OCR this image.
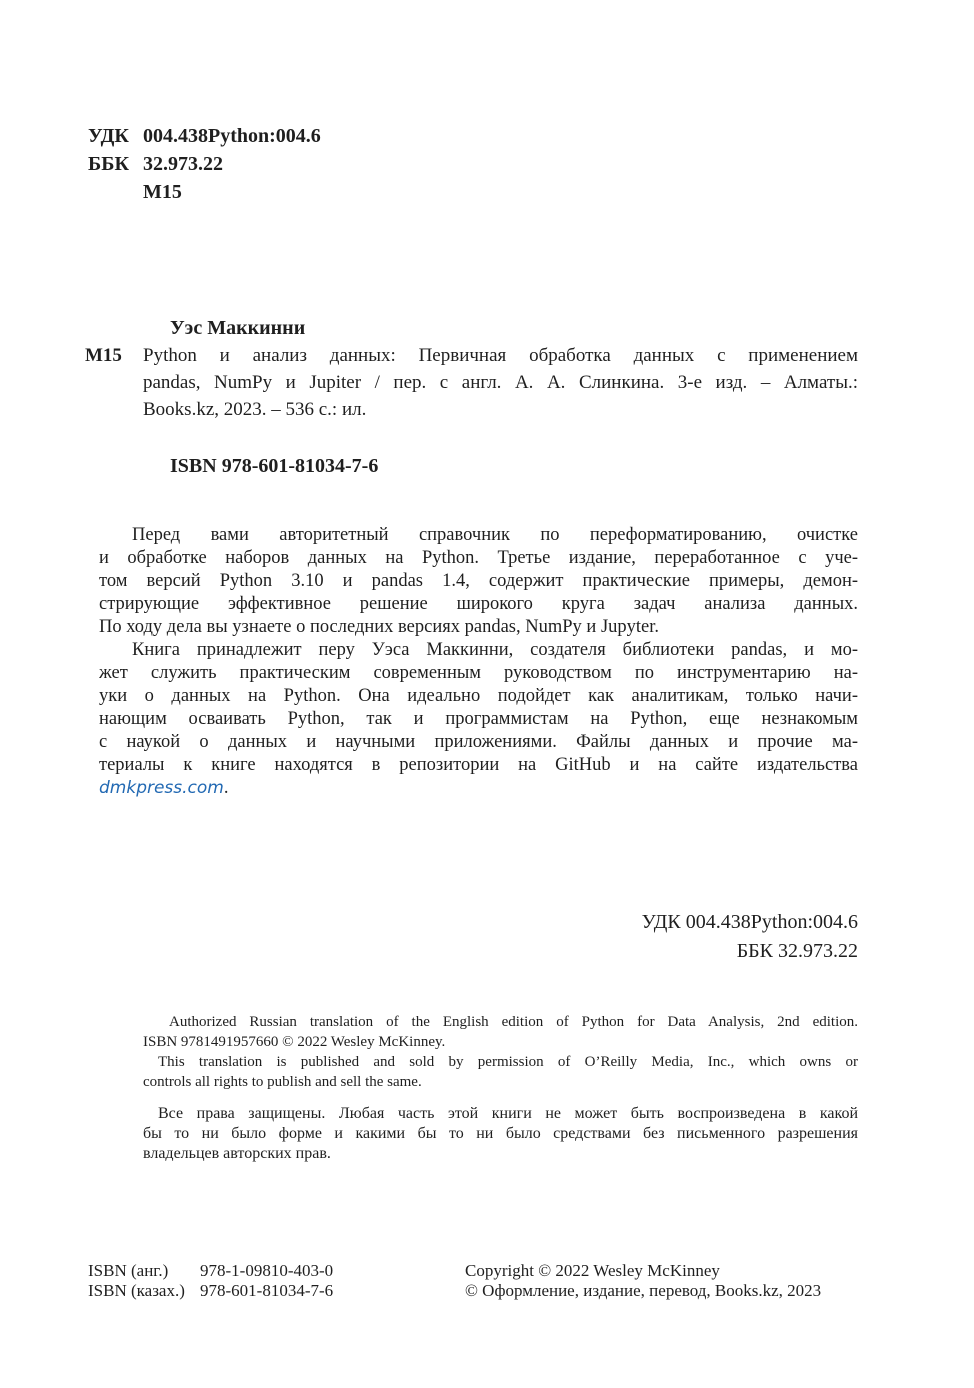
УДК 004.438Python:004.6
ББК 32.973.22
М15
Уэс Маккинни
М15 Python и анализ данных: Первичная обработка данных с применением
pandas, NumPy и Jupiter / пер. с англ. А. А. Слинкина. 3-е изд. – Алматы.:
Books.kz, 2023. – 536 с.: ил.
ISBN 978-601-81034-7-6
Перед вами авторитетный справочник по переформатированию, очистке
и обработке наборов данных на Python. Третье издание, переработанное с уче-
том версий Python 3.10 и pandas 1.4, содержит практические примеры, демон-
стрирующие эффективное решение широкого круга задач анализа данных.
По ходу дела вы узнаете о последних версиях pandas, NumPy и Jupyter.
Книга принадлежит перу Уэса Маккинни, создателя библиотеки pandas, и мо-
жет служить практическим современным руководством по инструментарию на-
уки о данных на Python. Она идеально подойдет как аналитикам, только начи-
нающим осваивать Python, так и программистам на Python, еще незнакомым
с наукой о данных и научными приложениями. Файлы данных и прочие ма-
териалы к книге находятся в репозитории на GitHub и на сайте издательства
dmkpress.com.
УДК 004.438Python:004.6
ББК 32.973.22
Authorized Russian translation of the English edition of Python for Data Analysis, 2nd edition.
ISBN 9781491957660 © 2022 Wesley McKinney.
This translation is published and sold by permission of O’Reilly Media, Inc., which owns or
controls all rights to publish and sell the same.
Все права защищены. Любая часть этой книги не может быть воспроизведена в какой
бы то ни было форме и какими бы то ни было средствами без письменного разрешения
владельцев авторских прав.
ISBN (анг.) 978-1-09810-403-0
ISBN (казах.) 978-601-81034-7-6
Copyright © 2022 Wesley McKinney
© Оформление, издание, перевод, Books.kz, 2023
